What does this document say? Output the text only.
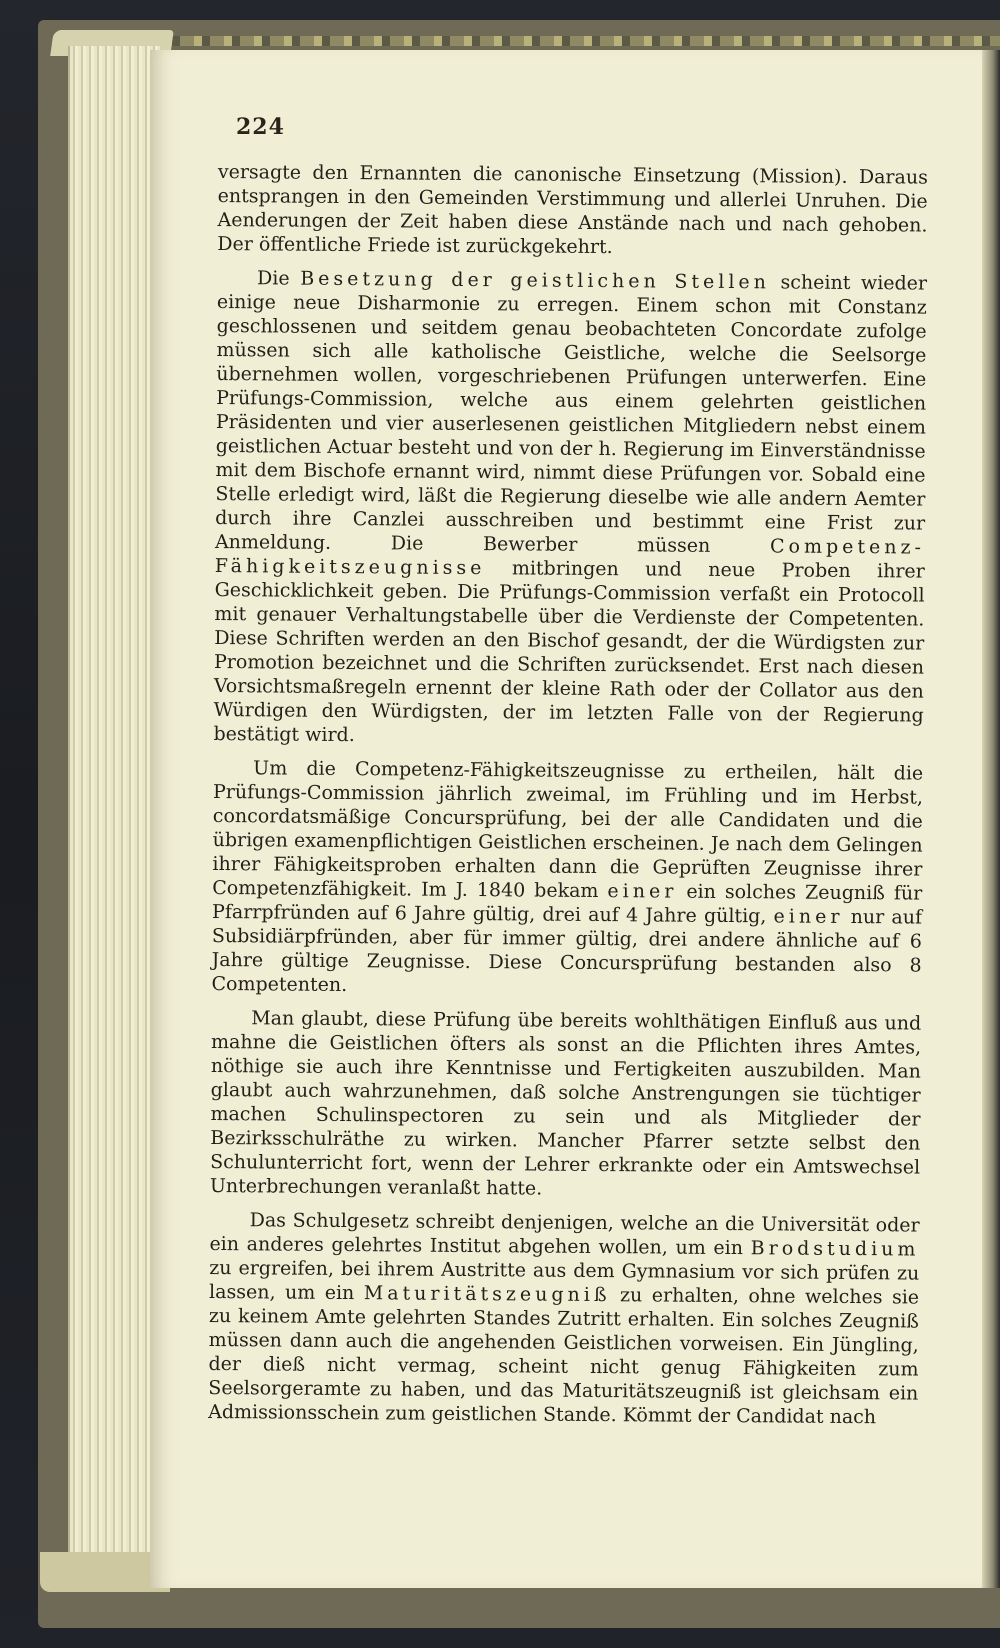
224

versagte den Ernannten die canonische Einsetzung (Mission). Daraus entsprangen in den Gemeinden Verstimmung und allerlei Unruhen. Die Aenderungen der Zeit haben diese Anstände nach und nach gehoben. Der öffentliche Friede ist zurückgekehrt.

Die Besetzung der geistlichen Stellen scheint wieder einige neue Disharmonie zu erregen. Einem schon mit Constanz geschlossenen und seitdem genau beobachteten Concordate zufolge müssen sich alle katholische Geistliche, welche die Seelsorge übernehmen wollen, vorgeschriebenen Prüfungen unterwerfen. Eine Prüfungs-Commission, welche aus einem gelehrten geistlichen Präsidenten und vier auserlesenen geistlichen Mitgliedern nebst einem geistlichen Actuar besteht und von der h. Regierung im Einverständnisse mit dem Bischofe ernannt wird, nimmt diese Prüfungen vor. Sobald eine Stelle erledigt wird, läßt die Regierung dieselbe wie alle andern Aemter durch ihre Canzlei ausschreiben und bestimmt eine Frist zur Anmeldung. Die Bewerber müssen Competenz-Fähigkeitszeugnisse mitbringen und neue Proben ihrer Geschicklichkeit geben. Die Prüfungs-Commission verfaßt ein Protocoll mit genauer Verhaltungstabelle über die Verdienste der Competenten. Diese Schriften werden an den Bischof gesandt, der die Würdigsten zur Promotion bezeichnet und die Schriften zurücksendet. Erst nach diesen Vorsichtsmaßregeln ernennt der kleine Rath oder der Collator aus den Würdigen den Würdigsten, der im letzten Falle von der Regierung bestätigt wird.

Um die Competenz-Fähigkeitszeugnisse zu ertheilen, hält die Prüfungs-Commission jährlich zweimal, im Frühling und im Herbst, concordatsmäßige Concursprüfung, bei der alle Candidaten und die übrigen examenpflichtigen Geistlichen erscheinen. Je nach dem Gelingen ihrer Fähigkeitsproben erhalten dann die Geprüften Zeugnisse ihrer Competenzfähigkeit. Im J. 1840 bekam einer ein solches Zeugniß für Pfarrpfründen auf 6 Jahre gültig, drei auf 4 Jahre gültig, einer nur auf Subsidiärpfründen, aber für immer gültig, drei andere ähnliche auf 6 Jahre gültige Zeugnisse. Diese Concursprüfung bestanden also 8 Competenten.

Man glaubt, diese Prüfung übe bereits wohlthätigen Einfluß aus und mahne die Geistlichen öfters als sonst an die Pflichten ihres Amtes, nöthige sie auch ihre Kenntnisse und Fertigkeiten auszubilden. Man glaubt auch wahrzunehmen, daß solche Anstrengungen sie tüchtiger machen Schulinspectoren zu sein und als Mitglieder der Bezirksschulräthe zu wirken. Mancher Pfarrer setzte selbst den Schulunterricht fort, wenn der Lehrer erkrankte oder ein Amtswechsel Unterbrechungen veranlaßt hatte.

Das Schulgesetz schreibt denjenigen, welche an die Universität oder ein anderes gelehrtes Institut abgehen wollen, um ein Brodstudium zu ergreifen, bei ihrem Austritte aus dem Gymnasium vor sich prüfen zu lassen, um ein Maturitätszeugniß zu erhalten, ohne welches sie zu keinem Amte gelehrten Standes Zutritt erhalten. Ein solches Zeugniß müssen dann auch die angehenden Geistlichen vorweisen. Ein Jüngling, der dieß nicht vermag, scheint nicht genug Fähigkeiten zum Seelsorgeramte zu haben, und das Maturitätszeugniß ist gleichsam ein Admissionsschein zum geistlichen Stande. Kömmt der Candidat nach
